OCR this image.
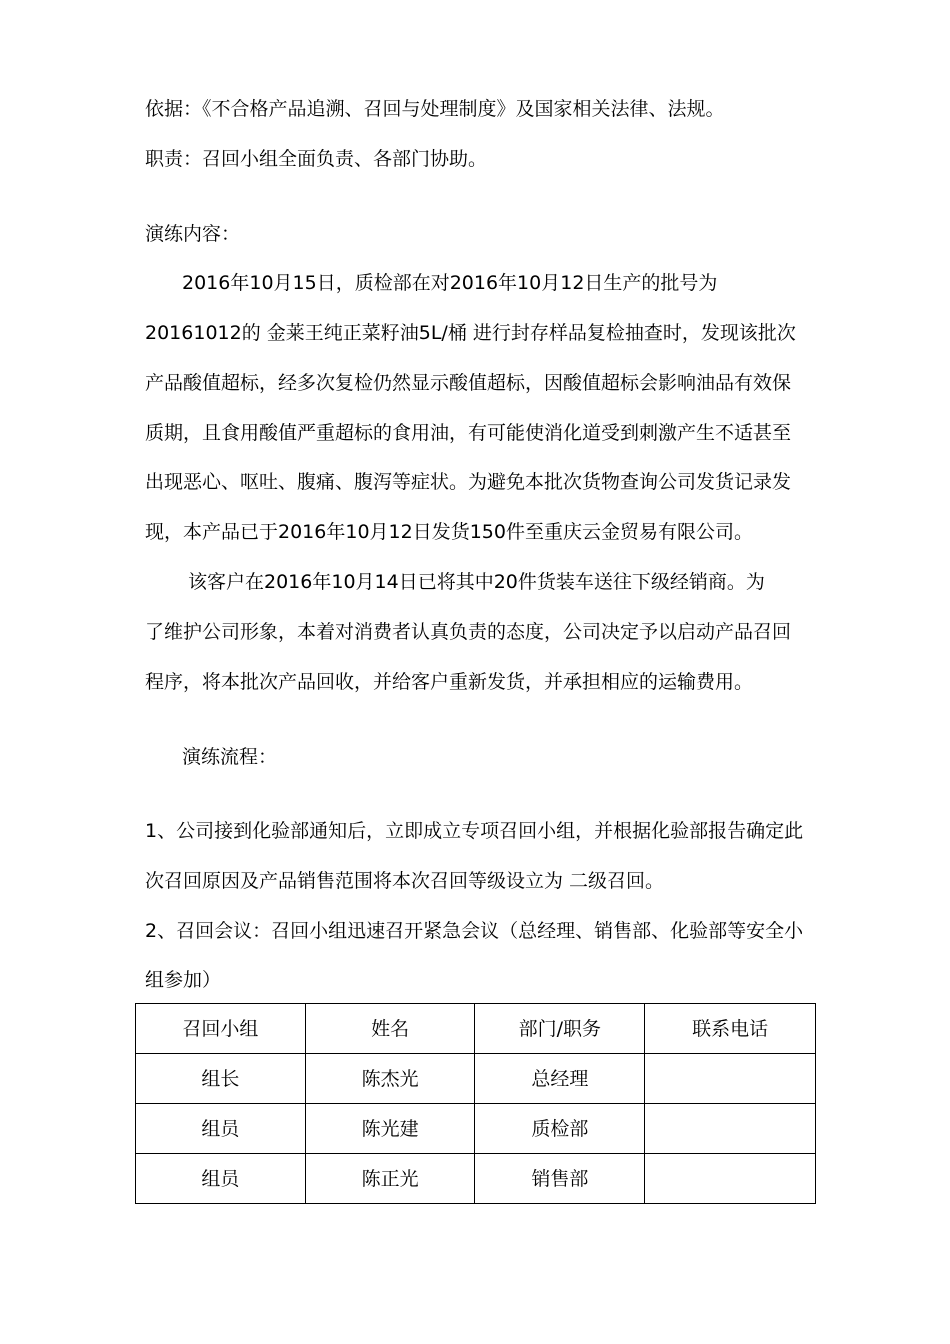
依据：《不合格产品追溯、召回与处理制度》及国家相关法律、法规。
职责：召回小组全面负责、各部门协助。
演练内容：
2016年10月15日，质检部在对2016年10月12日生产的批号为
20161012的 金莱王纯正菜籽油5L/桶 进行封存样品复检抽查时，发现该批次
产品酸值超标，经多次复检仍然显示酸值超标，因酸值超标会影响油品有效保
质期，且食用酸值严重超标的食用油，有可能使消化道受到刺激产生不适甚至
出现恶心、呕吐、腹痛、腹泻等症状。为避免本批次货物查询公司发货记录发
现，本产品已于2016年10月12日发货150件至重庆云金贸易有限公司。
该客户在2016年10月14日已将其中20件货装车送往下级经销商。为
了维护公司形象，本着对消费者认真负责的态度，公司决定予以启动产品召回
程序，将本批次产品回收，并给客户重新发货，并承担相应的运输费用。
演练流程：
1、公司接到化验部通知后，立即成立专项召回小组，并根据化验部报告确定此
次召回原因及产品销售范围将本次召回等级设立为 二级召回。
2、召回会议：召回小组迅速召开紧急会议（总经理、销售部、化验部等安全小
组参加）
召回小组	姓名	部门/职务	联系电话
组长	陈杰光	总经理	
组员	陈光建	质检部	
组员	陈正光	销售部	
